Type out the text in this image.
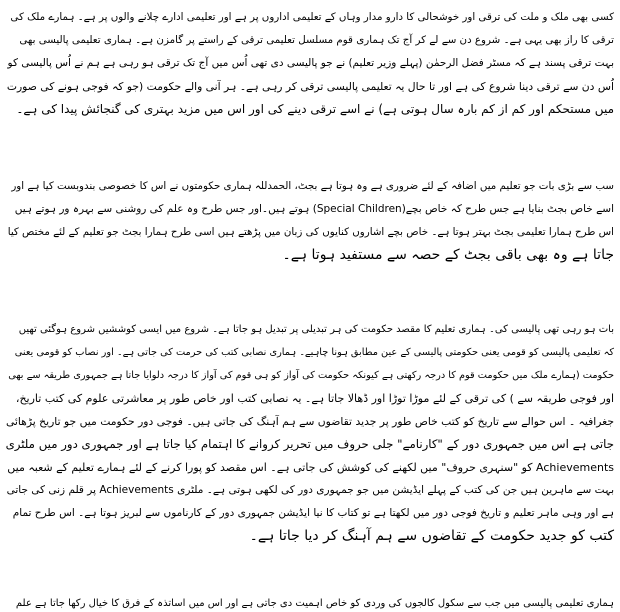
کسی بھی ملک و ملت کی ترقی اور خوشحالی کا دارو مدار وہاں کے تعلیمی اداروں پر ہے اور تعلیمی ادارے چلانے والوں پر ہے۔ ہمارے ملک کی
ترقی کا راز بھی یہی ہے۔ شروع دن سے لے کر آج تک ہماری قوم مسلسل تعلیمی ترقی کے راستے پر گامزن ہے۔ ہماری تعلیمی پالیسی بھی
بہت ترقی پسند ہے کہ مسٹر فضل الرحمٰن (پہلے وزیر تعلیم) نے جو پالیسی دی تھی اُس میں آج تک ترقی ہو رہی ہے ہم نے اُس پالیسی کو
اُس دن سے ترقی دینا شروع کی ہے اور تا حال یہ تعلیمی پالیسی ترقی کر رہی ہے۔ ہر آنی والے حکومت (جو کہ فوجی ہونے کی صورت
میں مستحکم اور کم از کم بارہ سال ہوتی ہے) نے اسے ترقی دینے کی اور اس میں مزید بہتری کی گنجائش پیدا کی ہے۔
سب سے بڑی بات جو تعلیم میں اضافہ کے لئے ضروری ہے وہ ہوتا ہے بجٹ، الحمدللہ ہماری حکومتوں نے اس کا خصوصی بندوبست کیا ہے اور
اسے خاص بجٹ بنایا ہے جس طرح کہ خاص بچے(Special Children) ہوتے ہیں۔اور جس طرح وہ علم کی روشنی سے بہرہ ور ہوتے ہیں
اس طرح ہمارا تعلیمی بجٹ بہتر ہوتا ہے۔ خاص بچے اشاروں کنایوں کی زبان میں پڑھتے ہیں اسی طرح ہمارا بجٹ جو تعلیم کے لئے مختص کیا
جاتا ہے وہ بھی باقی بجٹ کے حصہ سے مستفید ہوتا ہے۔
بات ہو رہی تھی پالیسی کی۔ ہماری تعلیم کا مقصد حکومت کی ہر تبدیلی پر تبدیل ہو جاتا ہے۔ شروع میں ایسی کوششیں شروع ہوگئی تھیں
کہ تعلیمی پالیسی کو قومی یعنی حکومتی پالیسی کے عین مطابق ہونا چاہیے۔ ہماری نصابی کتب کی حرمت کی جاتی ہے۔ اور نصاب کو قومی یعنی
حکومت (ہمارے ملک میں حکومت قوم کا درجہ رکھتی ہے کیونکہ حکومت کی آواز کو ہی قوم کی آواز کا درجہ دلوایا جاتا ہے جمہوری طریقہ سے بھی
اور فوجی طریقہ سے ) کی ترقی کے لئے موڑا توڑا اور ڈھالا جاتا ہے۔ یہ نصابی کتب اور خاص طور پر معاشرتی علوم کی کتب تاریخ،
جغرافیہ ۔ اس حوالے سے تاریخ کو کتب خاص طور پر جدید تقاضوں سے ہم آہنگ کی جاتی ہیں۔ فوجی دور حکومت میں جو تاریخ پڑھائی
جاتی ہے اس میں جمہوری دور کے "کارنامے" جلی حروف میں تحریر کروانے کا اہتمام کیا جاتا ہے اور جمہوری دور میں ملٹری
Achievements کو "سنہری حروف" میں لکھنے کی کوشش کی جاتی ہے۔ اس مقصد کو پورا کرنے کے لئے ہمارے تعلیم کے شعبہ میں
بہت سے ماہرین ہیں جن کی کتب کے پہلے ایڈیشن میں جو جمہوری دور کی لکھی ہوتی ہے۔ ملٹری Achievements پر قلم زنی کی جاتی
ہے اور وہی ماہر تعلیم و تاریخ فوجی دور میں لکھتا ہے تو کتاب کا نیا ایڈیشن جمہوری دور کے کارناموں سے لبریز ہوتا ہے۔ اس طرح تمام
کتب کو جدید حکومت کے تقاضوں سے ہم آہنگ کر دیا جاتا ہے۔
ہماری تعلیمی پالیسی میں جب سے سکول کالجوں کی وردی کو خاص اہمیت دی جاتی ہے اور اس میں اساتذہ کے فرق کا خیال رکھا جاتا ہے علم
